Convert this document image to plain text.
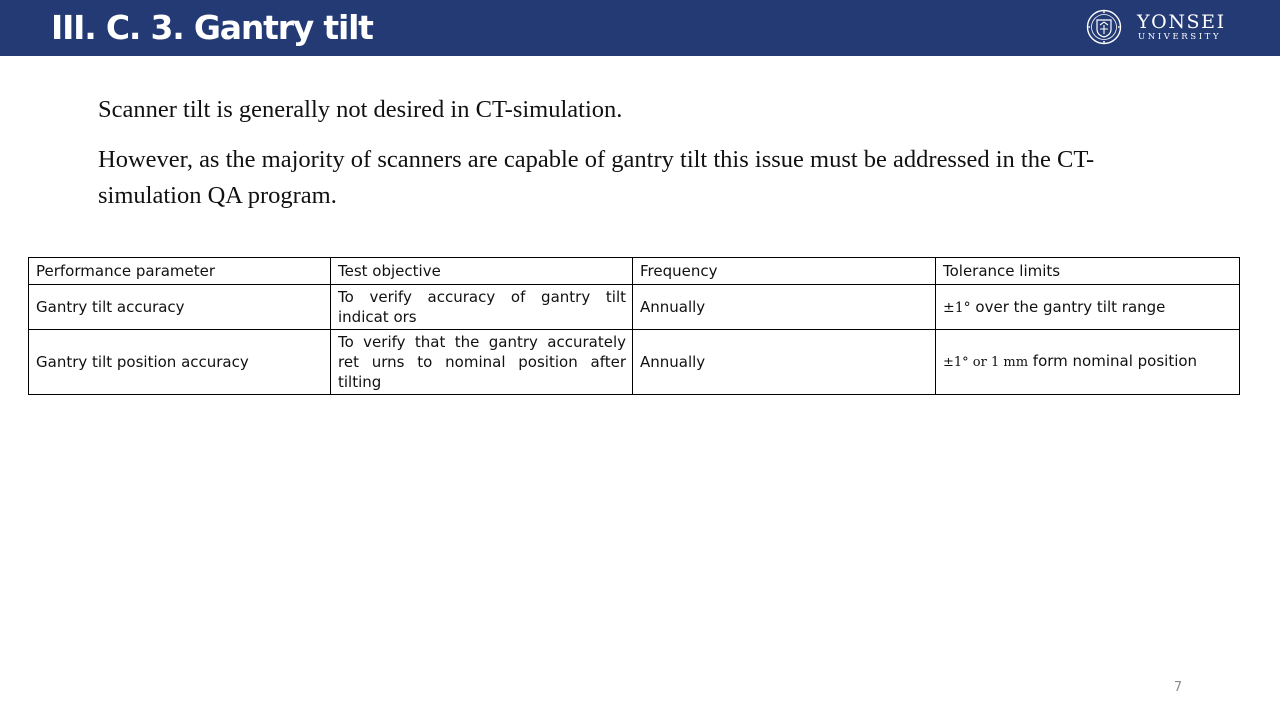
III. C. 3. Gantry tilt	YONSEI
UNIVERSITY

Scanner tilt is generally not desired in CT-simulation.

However, as the majority of scanners are capable of gantry tilt this issue must be addressed in the CT-simulation QA program.

Performance parameter	Test objective	Frequency	Tolerance limits
Gantry tilt accuracy	To verify accuracy of gantry tilt indicat ors	Annually	±1° over the gantry tilt range
Gantry tilt position accuracy	To verify that the gantry accurately ret urns to nominal position after tilting	Annually	±1° or 1 mm form nominal position
7
